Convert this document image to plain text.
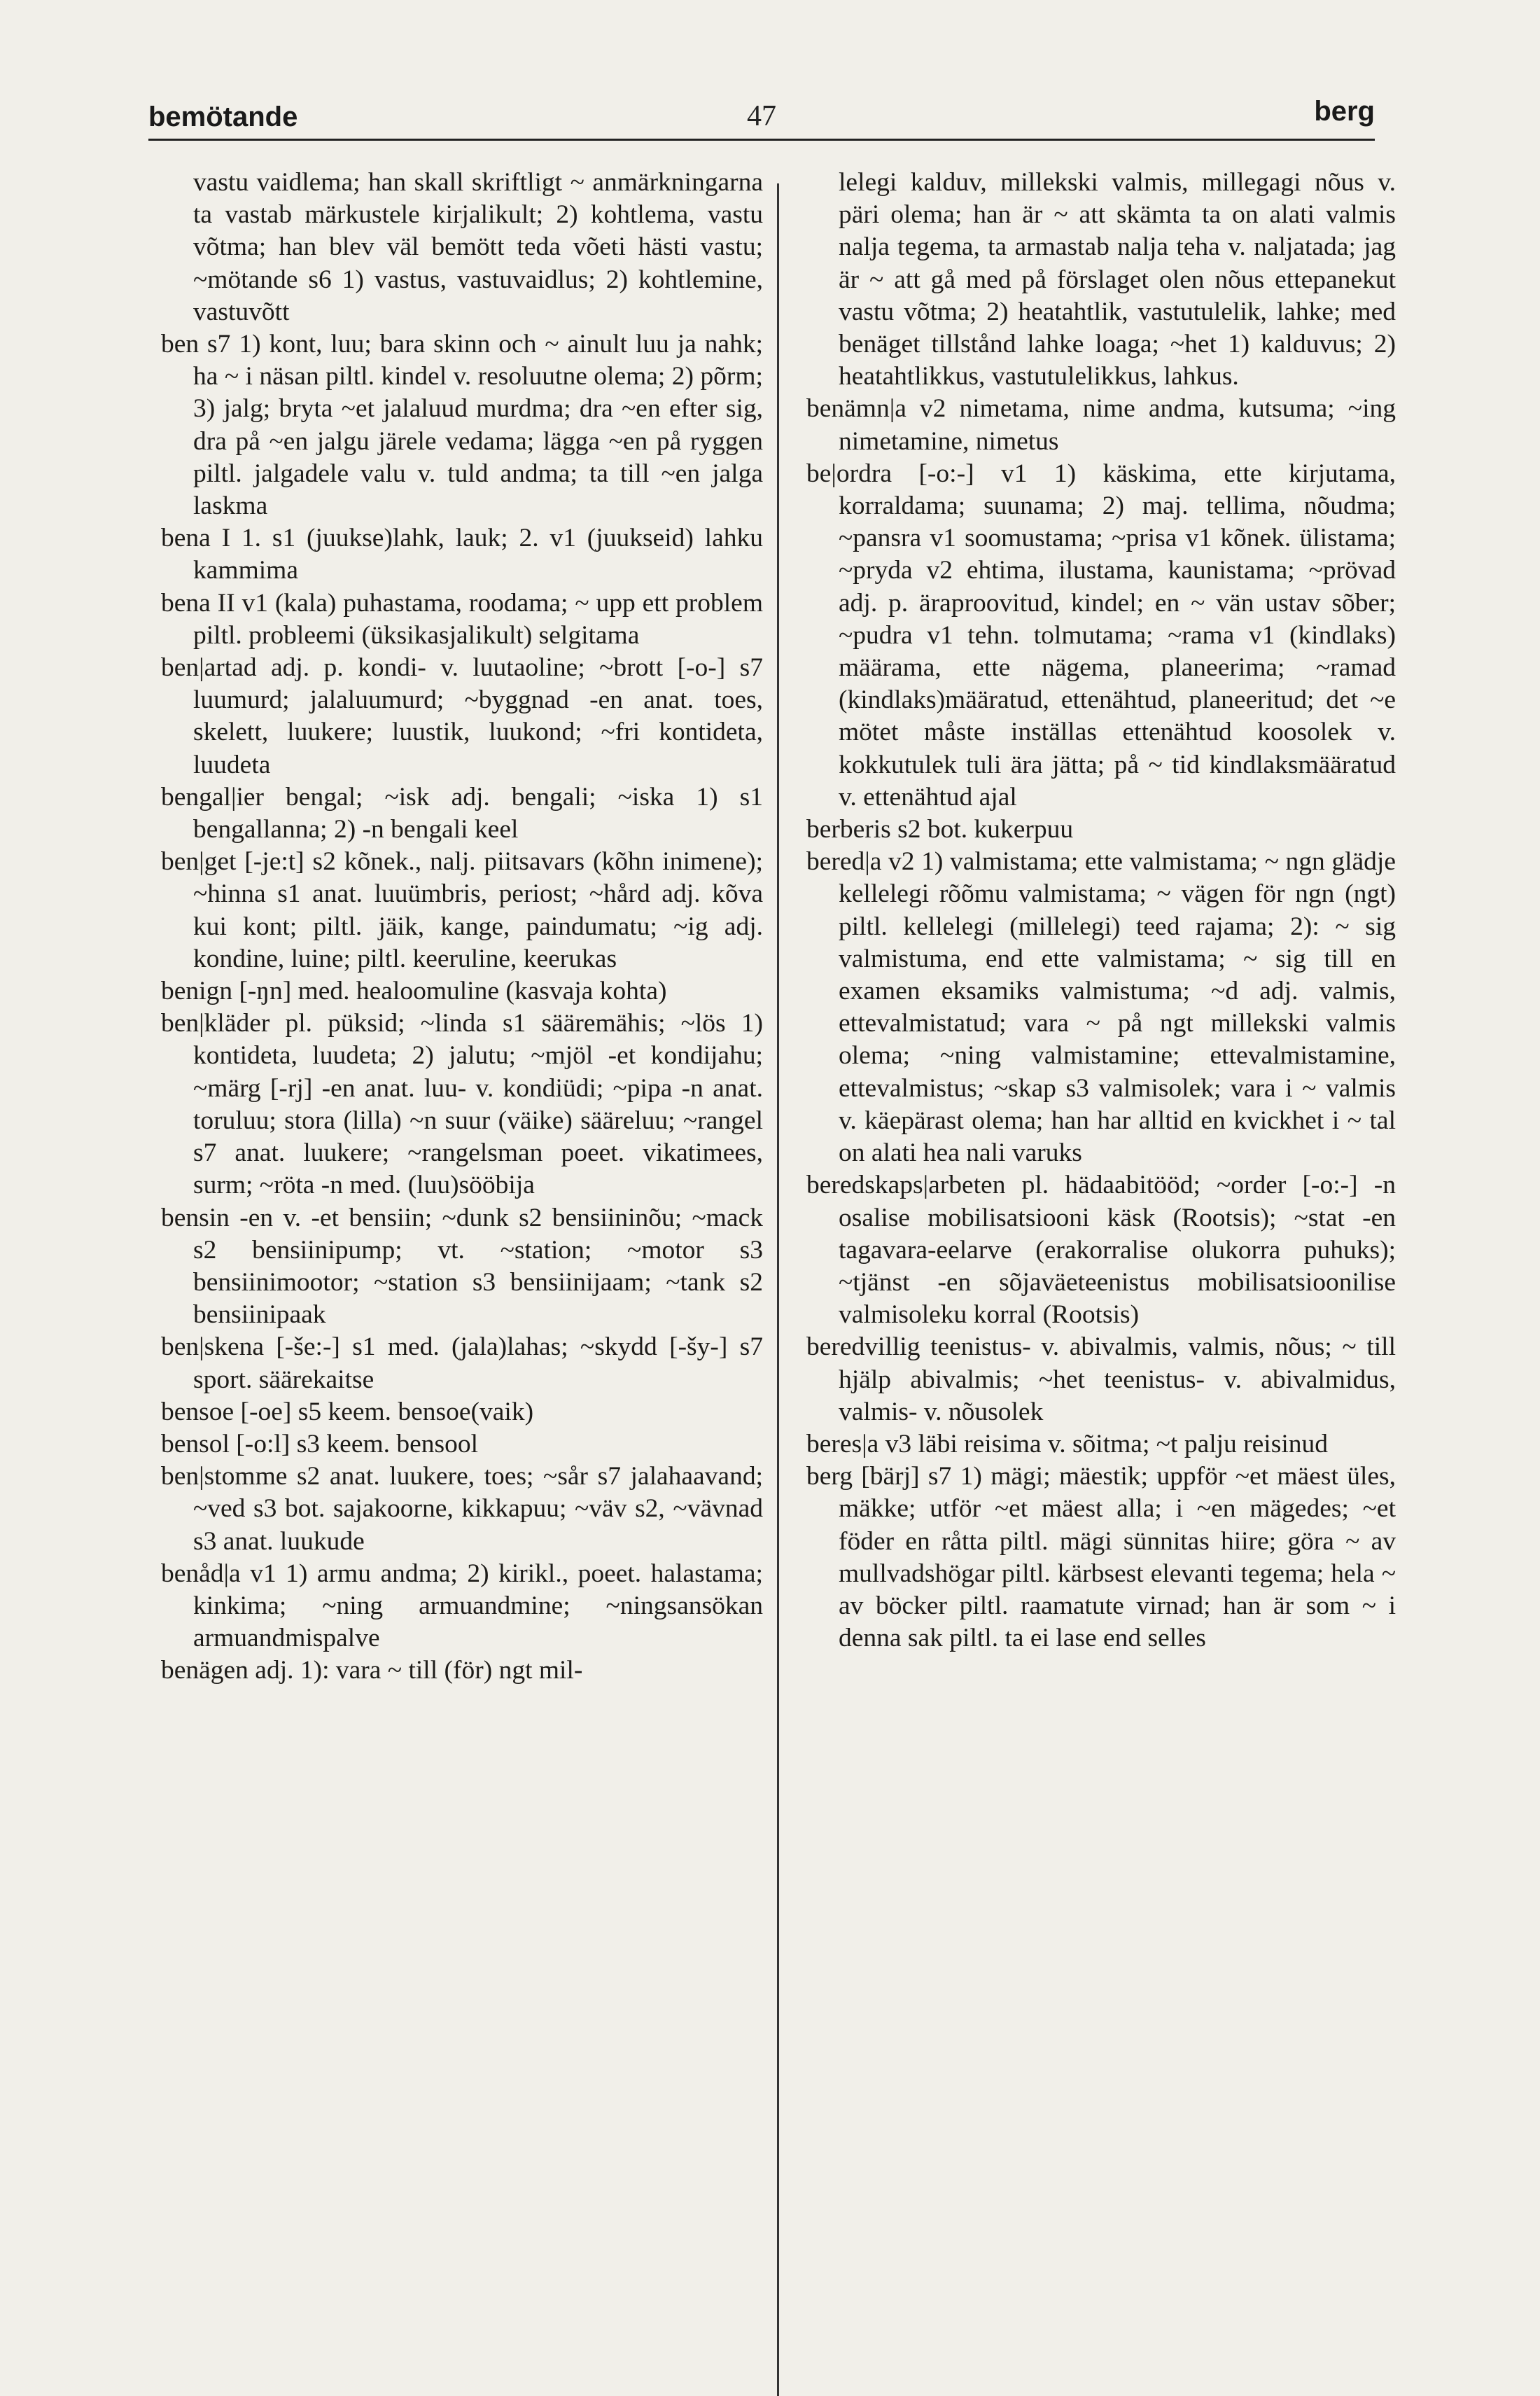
bemötande	47	berg

vastu vaidlema; han skall skriftligt ~ anmärkningarna ta vastab märkustele kirjalikult; 2) kohtlema, vastu võtma; han blev väl bemött teda võeti hästi vastu; ~mötande s6 1) vastus, vastuvaidlus; 2) kohtlemine, vastuvõtt

ben s7 1) kont, luu; bara skinn och ~ ainult luu ja nahk; ha ~ i näsan piltl. kindel v. resoluutne olema; 2) põrm; 3) jalg; bryta ~et jalaluud murdma; dra ~en efter sig, dra på ~en jalgu järele vedama; lägga ~en på ryggen piltl. jalgadele valu v. tuld andma; ta till ~en jalga laskma

bena I 1. s1 (juukse)lahk, lauk; 2. v1 (juukseid) lahku kammima

bena II v1 (kala) puhastama, roodama; ~ upp ett problem piltl. probleemi (üksikasjalikult) selgitama

ben|artad adj. p. kondi- v. luutaoline; ~brott [-o-] s7 luumurd; jalaluumurd; ~byggnad -en anat. toes, skelett, luukere; luustik, luukond; ~fri kontideta, luudeta

bengal|ier bengal; ~isk adj. bengali; ~iska 1) s1 bengallanna; 2) -n bengali keel

ben|get [-je:t] s2 kõnek., nalj. piitsavars (kõhn inimene); ~hinna s1 anat. luuümbris, periost; ~hård adj. kõva kui kont; piltl. jäik, kange, paindumatu; ~ig adj. kondine, luine; piltl. keeruline, keerukas

benign [-ŋn] med. healoomuline (kasvaja kohta)

ben|kläder pl. püksid; ~linda s1 sääremähis; ~lös 1) kontideta, luudeta; 2) jalutu; ~mjöl -et kondijahu; ~märg [-rj] -en anat. luu- v. kondiüdi; ~pipa -n anat. toruluu; stora (lilla) ~n suur (väike) säärеluu; ~rangel s7 anat. luukere; ~rangelsman poeet. vikatimees, surm; ~röta -n med. (luu)sööbija

bensin -en v. -et bensiin; ~dunk s2 bensiininõu; ~mack s2 bensiinipump; vt. ~station; ~motor s3 bensiinimootor; ~station s3 bensiinijaam; ~tank s2 bensiinipaak

ben|skena [-še:-] s1 med. (jala)lahas; ~skydd [-šy-] s7 sport. säärekaitse

bensoe [-oe] s5 keem. bensoe(vaik)

bensol [-o:l] s3 keem. bensool

ben|stomme s2 anat. luukere, toes; ~sår s7 jalahaavand; ~ved s3 bot. sajakoorne, kikkapuu; ~väv s2, ~vävnad s3 anat. luukude

benåd|a v1 1) armu andma; 2) kirikl., poeet. halastama; kinkima; ~ning armuandmine; ~ningsansökan armuandmispalve

benägen adj. 1): vara ~ till (för) ngt mil-

lelegi kalduv, millekski valmis, millegagi nõus v. päri olema; han är ~ att skämta ta on alati valmis nalja tegema, ta armastab nalja teha v. naljatada; jag är ~ att gå med på förslaget olen nõus ettepanekut vastu võtma; 2) heatahtlik, vastutulelik, lahke; med benäget tillstånd lahke loaga; ~het 1) kalduvus; 2) heatahtlikkus, vastutulelikkus, lahkus.

benämn|a v2 nimetama, nime andma, kutsuma; ~ing nimetamine, nimetus

be|ordra [-o:-] v1 1) käskima, ette kirjutama, korraldama; suunama; 2) maj. tellima, nõudma; ~pansra v1 soomustama; ~prisa v1 kõnek. ülistama; ~pryda v2 ehtima, ilustama, kaunistama; ~prövad adj. p. äraproovitud, kindel; en ~ vän ustav sõber; ~pudra v1 tehn. tolmutama; ~rama v1 (kindlaks) määrama, ette nägema, planeerima; ~ramad (kindlaks)määratud, ettenähtud, planeeritud; det ~e mötet måste inställas ettenähtud koosolek v. kokkutulek tuli ära jätta; på ~ tid kindlaksmääratud v. ettenähtud ajal

berberis s2 bot. kukerpuu

bered|a v2 1) valmistama; ette valmistama; ~ ngn glädje kellelegi rõõmu valmistama; ~ vägen för ngn (ngt) piltl. kellelegi (millelegi) teed rajama; 2): ~ sig valmistuma, end ette valmistama; ~ sig till en examen eksamiks valmistuma; ~d adj. valmis, ettevalmistatud; vara ~ på ngt millekski valmis olema; ~ning valmistamine; ettevalmistamine, ettevalmistus; ~skap s3 valmisolek; vara i ~ valmis v. käepärast olema; han har alltid en kvickhet i ~ tal on alati hea nali varuks

beredskaps|arbeten pl. hädaabitööd; ~order [-o:-] -n osalise mobilisatsiooni käsk (Rootsis); ~stat -en tagavara-eelarve (erakorralise olukorra puhuks); ~tjänst -en sõjaväeteenistus mobilisatsioonilise valmisoleku korral (Rootsis)

beredvillig teenistus- v. abivalmis, valmis, nõus; ~ till hjälp abivalmis; ~het teenistus- v. abivalmidus, valmis- v. nõusolek

beres|a v3 läbi reisima v. sõitma; ~t palju reisinud

berg [bärj] s7 1) mägi; mäestik; uppför ~et mäest üles, mäkke; utför ~et mäest alla; i ~en mägedes; ~et föder en råtta piltl. mägi sünnitas hiire; göra ~ av mullvadshögar piltl. kärbsest elevanti tegema; hela ~ av böcker piltl. raamatute virnad; han är som ~ i denna sak piltl. ta ei lase end selles
